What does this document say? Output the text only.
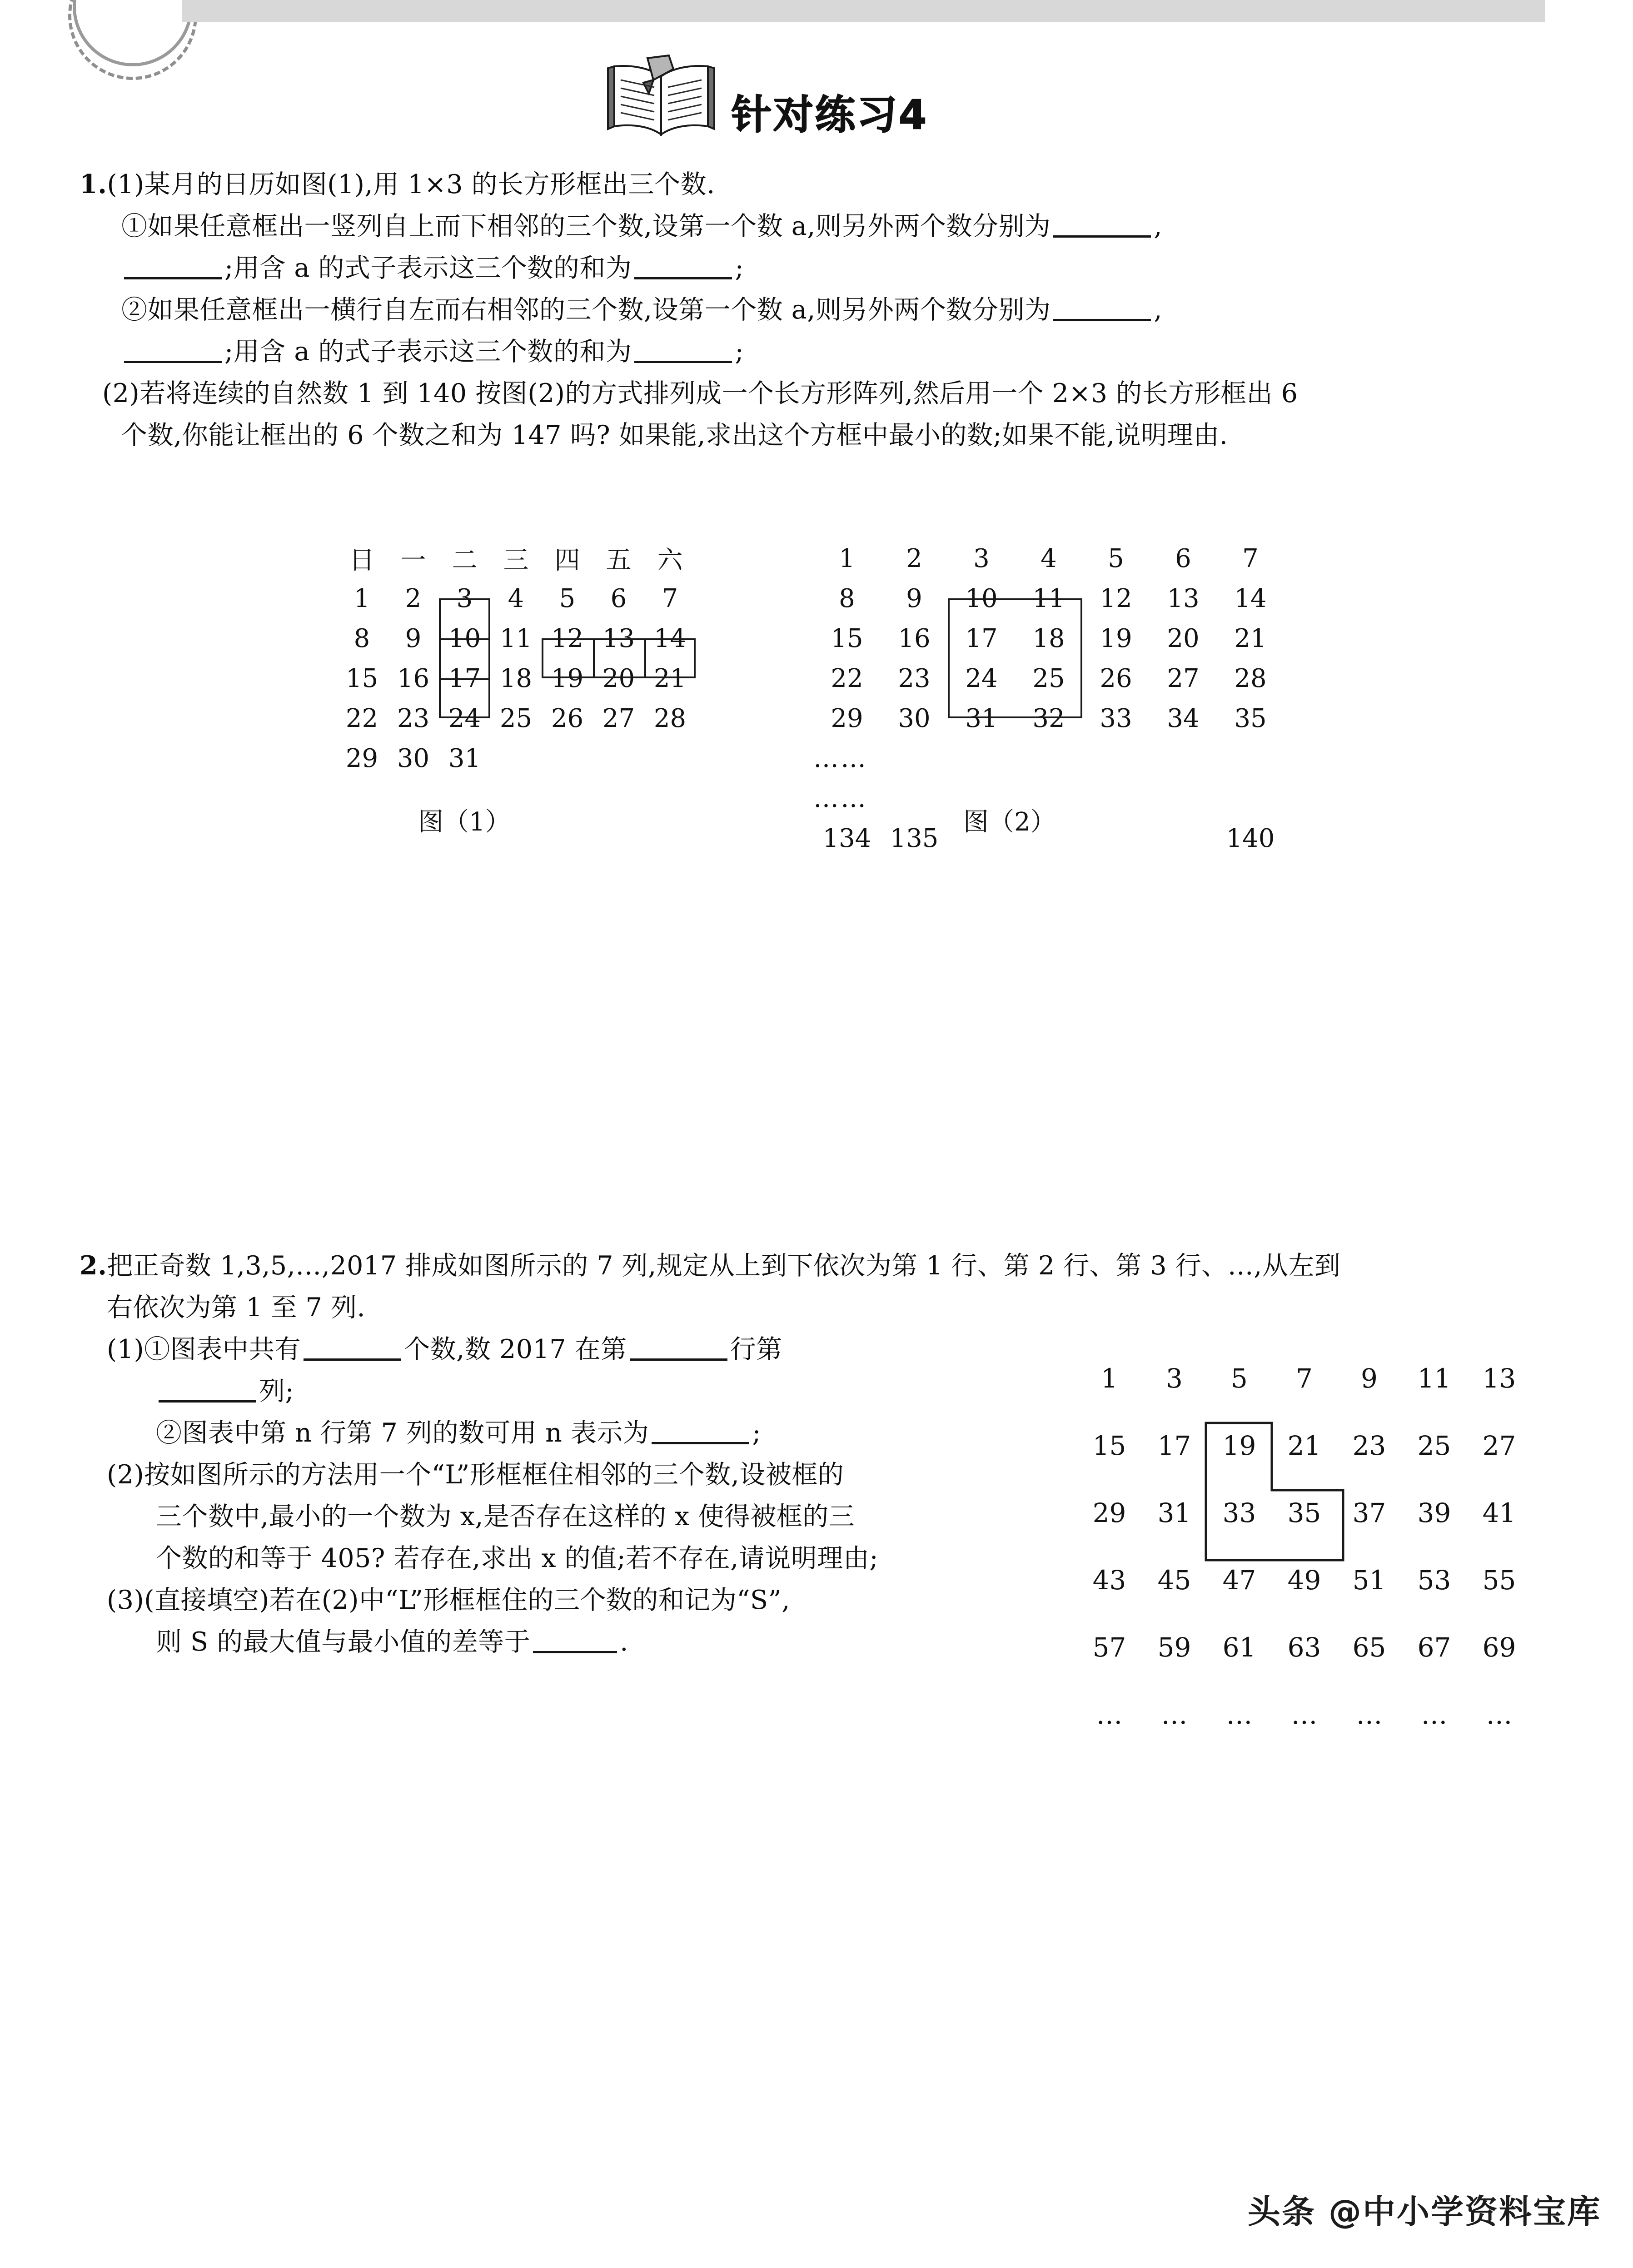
针对练习4
1.(1)某月的日历如图(1),用 1×3 的长方形框出三个数.
①如果任意框出一竖列自上而下相邻的三个数,设第一个数 a,则另外两个数分别为	,
;用含 a 的式子表示这三个数的和为	;
②如果任意框出一横行自左而右相邻的三个数,设第一个数 a,则另外两个数分别为	,
;用含 a 的式子表示这三个数的和为	;
(2)若将连续的自然数 1 到 140 按图(2)的方式排列成一个长方形阵列,然后用一个 2×3 的长方形框出 6
个数,你能让框出的 6 个数之和为 147 吗? 如果能,求出这个方框中最小的数;如果不能,说明理由.
日	一	二	三	四	五	六
1	2	3	4	5	6	7
8	9	10 11 12 13 14
15 16 17 18 19 20 21
22 23 24 25 26 27 28
29 30 31
图（1）
1	2	3	4	5	6	7
8	9	10	11	12	13	14
15	16	17	18	19	20	21
22	23	24	25	26	27	28
29	30	31	32	33	34	35
……
……
134 135	140
图（2）
2.把正奇数 1,3,5,…,2017 排成如图所示的 7 列,规定从上到下依次为第 1 行、第 2 行、第 3 行、…,从左到
右依次为第 1 至 7 列.
(1)①图表中共有	个数,数 2017 在第	行第
列;
②图表中第 n 行第 7 列的数可用 n 表示为	;
(2)按如图所示的方法用一个“L”形框框住相邻的三个数,设被框的
三个数中,最小的一个数为 x,是否存在这样的 x 使得被框的三
个数的和等于 405? 若存在,求出 x 的值;若不存在,请说明理由;
(3)(直接填空)若在(2)中“L”形框框住的三个数的和记为“S”,
则 S 的最大值与最小值的差等于	.
1	3	5	7	9	11	13
15	17	19	21	23	25	27
29	31	33	35	37	39	41
43	45	47	49	51	53	55
57	59	61	63	65	67	69
…	…	…	…	…	…	…
头条 @中小学资料宝库
